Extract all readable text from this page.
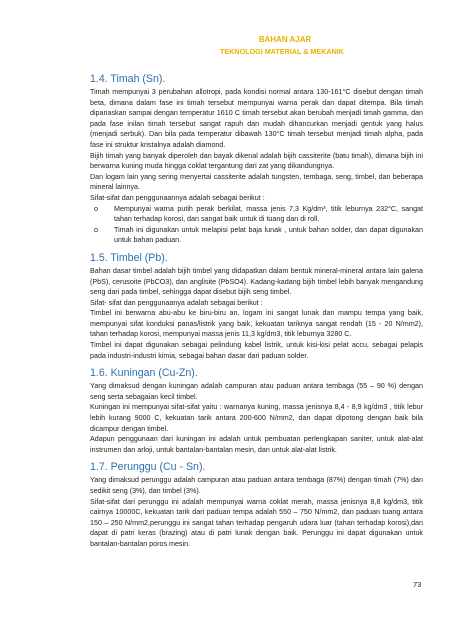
BAHAN AJAR
TEKNOLOGI MATERIAL & MEKANIK
1.4. Timah (Sn).

Timah mempunyai 3 perubahan allotropi, pada kondisi normal antara 130-161°C disebut dengan timah beta, dimana dalam fase ini timah tersebut mempunyai warna perak dan dapat ditempa. Bila timah dipanaskan sampai dengan temperatur 1610 C timah tersebut akan berubah menjadi timah gamma, dan pada fase inilan timah tersebut sangat rapuh dan mudah dihancurkan menjadi gentuk yang halus (menjadi serbuk). Dan bila pada temperatur dibawah 130°C timah tersebut menjadi timah alpha, pada fase ini struktur kristalnya adalah diamond.

Bijih timah yang banyak diperoleh dan bayak dikenal adalah bijih cassiterite (batu timah), dimana bijih ini berwarna kuning muda hingga coklat tergantung dari zat yang dikandungnya.

Dan logam lain yang sering menyertai cassiterite adalah tungsten, tembaga, seng, timbel, dan beberapa mineral lainnya.

Sifat-sifat dan penggunaannya adalah sebagai berikut :

o	Mempunyai warna putih perak berkilat, massa jenis 7,3 Kg/dm³, titik leburnya 232°C, sangat tahan terhadap korosi, dan sangat baik untuk di tuang dan di roll.
o	Timah ini digunakan untuk melapisi pelat baja lunak , untuk bahan solder, dan dapat digunakan untuk bahan paduan.
1.5. Timbel (Pb).

Bahan dasar timbel adalah bijih timbel yang didapatkan dalam bentuk mineral-mineral antara lain galena (PbS), cerusoite (PbCO3), dan anglisite (PbSO4). Kadang-kadang bijih timbel lebih banyak mengandung seng dari pada timbel, sehingga dapat disebut bijih seng timbel.

Sifat- sifat dan penggunaanya adalah sebagai berikut :

Timbel ini berwarna abu-abu ke biru-biru an, logam ini sangat lunak dan mampu tempa yang baik, mempunyai sifat konduksi panas/listrik yang baik, kekuatan tariknya sangat rendah (15 - 20 N/mm2), tahan terhadap korosi, mempunyai massa jenis 11,3 kg/dm3, titik leburnya 3280 C.

Timbel ini dapat digunakan sebagai pelindung kabel listrik, untuk kisi-kisi pelat accu, sebagai pelapis pada industri-industri kimia, sebagai bahan dasar dari paduan solder.

1.6. Kuningan (Cu-Zn).

Yang dimaksud dengan kuningan adalah campuran atau paduan antara tembaga (55 – 90 %) dengan seng serta sebagaian kecil timbel.

Kuningan ini mempunyai sifat-sifat yaitu : warnanya kuning, massa jenisnya 8,4 - 8,9 kg/dm3 , titik lebur lebih kurang 9000 C, kekuatan tarik antara 200-600 N/mm2, dan dapat dipotong dengan baik bila dicampur dengan timbel.

Adapun penggunaan dari kuningan ini adalah untuk pembuatan perlengkapan saniter, untuk alat-alat instrumen dan arloji, untuk bantalan-bantalan mesin, dan untuk alat-alat listrik.

1.7. Perunggu (Cu - Sn).

Yang dimaksud perunggu adalah campuran atau paduan antara tembaga (87%) dengan timah (7%) dan sedikit seng (3%), dan timbel (3%).

Sifat-sifat dari perunggu ini adalah mempunyai warna coklat merah, massa jenisnya 8,8 kg/dm3, titik cairnya 10000C, kekuatan tarik dari paduan tempa adalah 550 – 750 N/mm2, dan paduan tuang antara 150 – 250 N/mm2,perunggu ini sangat tahan terhadap pengaruh udara luar (tahan terhadap korosi),dan dapat di patri keras (brazing) atau di patri lunak dengan baik. Perunggu ini dapat digunakan untuk bantalan-bantalan poros mesin.

73
